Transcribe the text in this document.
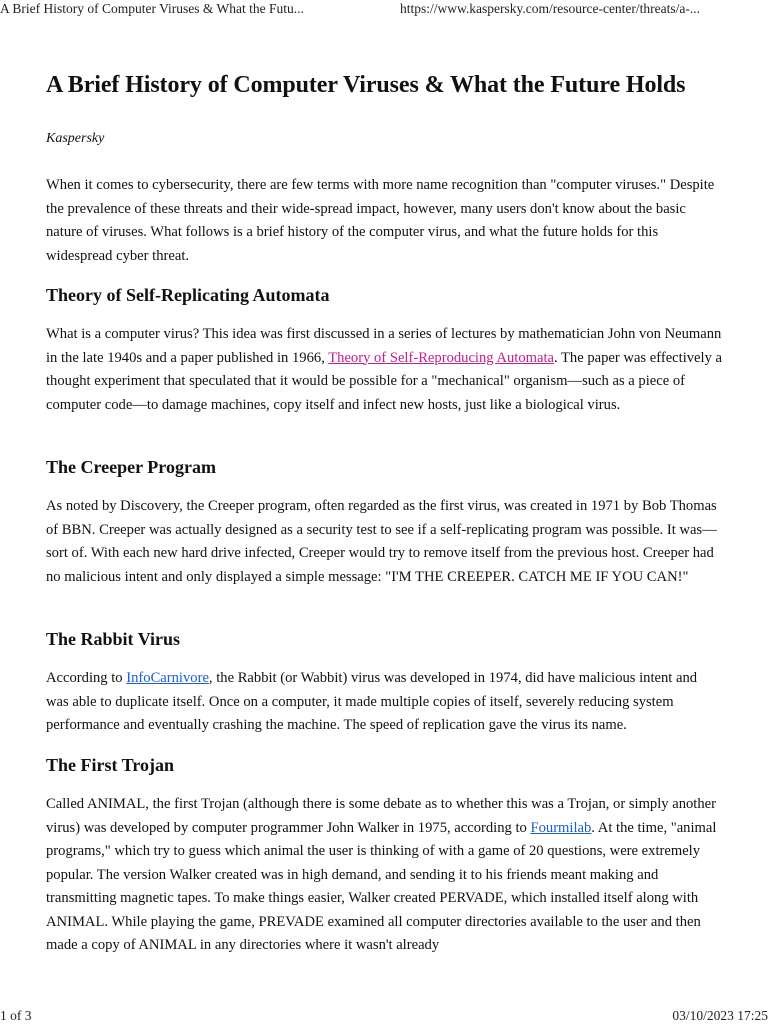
A Brief History of Computer Viruses & What the Futu...	https://www.kaspersky.com/resource-center/threats/a-...
A Brief History of Computer Viruses & What the Future Holds
Kaspersky

When it comes to cybersecurity, there are few terms with more name recognition than "computer viruses." Despite the prevalence of these threats and their wide-spread impact, however, many users don't know about the basic nature of viruses. What follows is a brief history of the computer virus, and what the future holds for this widespread cyber threat.

Theory of Self-Replicating Automata

What is a computer virus? This idea was first discussed in a series of lectures by mathematician John von Neumann in the late 1940s and a paper published in 1966, Theory of Self-Reproducing Automata. The paper was effectively a thought experiment that speculated that it would be possible for a "mechanical" organism—such as a piece of computer code—to damage machines, copy itself and infect new hosts, just like a biological virus.

The Creeper Program

As noted by Discovery, the Creeper program, often regarded as the first virus, was created in 1971 by Bob Thomas of BBN. Creeper was actually designed as a security test to see if a self-replicating program was possible. It was—sort of. With each new hard drive infected, Creeper would try to remove itself from the previous host. Creeper had no malicious intent and only displayed a simple message: "I'M THE CREEPER. CATCH ME IF YOU CAN!"

The Rabbit Virus

According to InfoCarnivore, the Rabbit (or Wabbit) virus was developed in 1974, did have malicious intent and was able to duplicate itself. Once on a computer, it made multiple copies of itself, severely reducing system performance and eventually crashing the machine. The speed of replication gave the virus its name.

The First Trojan

Called ANIMAL, the first Trojan (although there is some debate as to whether this was a Trojan, or simply another virus) was developed by computer programmer John Walker in 1975, according to Fourmilab. At the time, "animal programs," which try to guess which animal the user is thinking of with a game of 20 questions, were extremely popular. The version Walker created was in high demand, and sending it to his friends meant making and transmitting magnetic tapes. To make things easier, Walker created PERVADE, which installed itself along with ANIMAL. While playing the game, PREVADE examined all computer directories available to the user and then made a copy of ANIMAL in any directories where it wasn't already

1 of 3	03/10/2023 17:25
